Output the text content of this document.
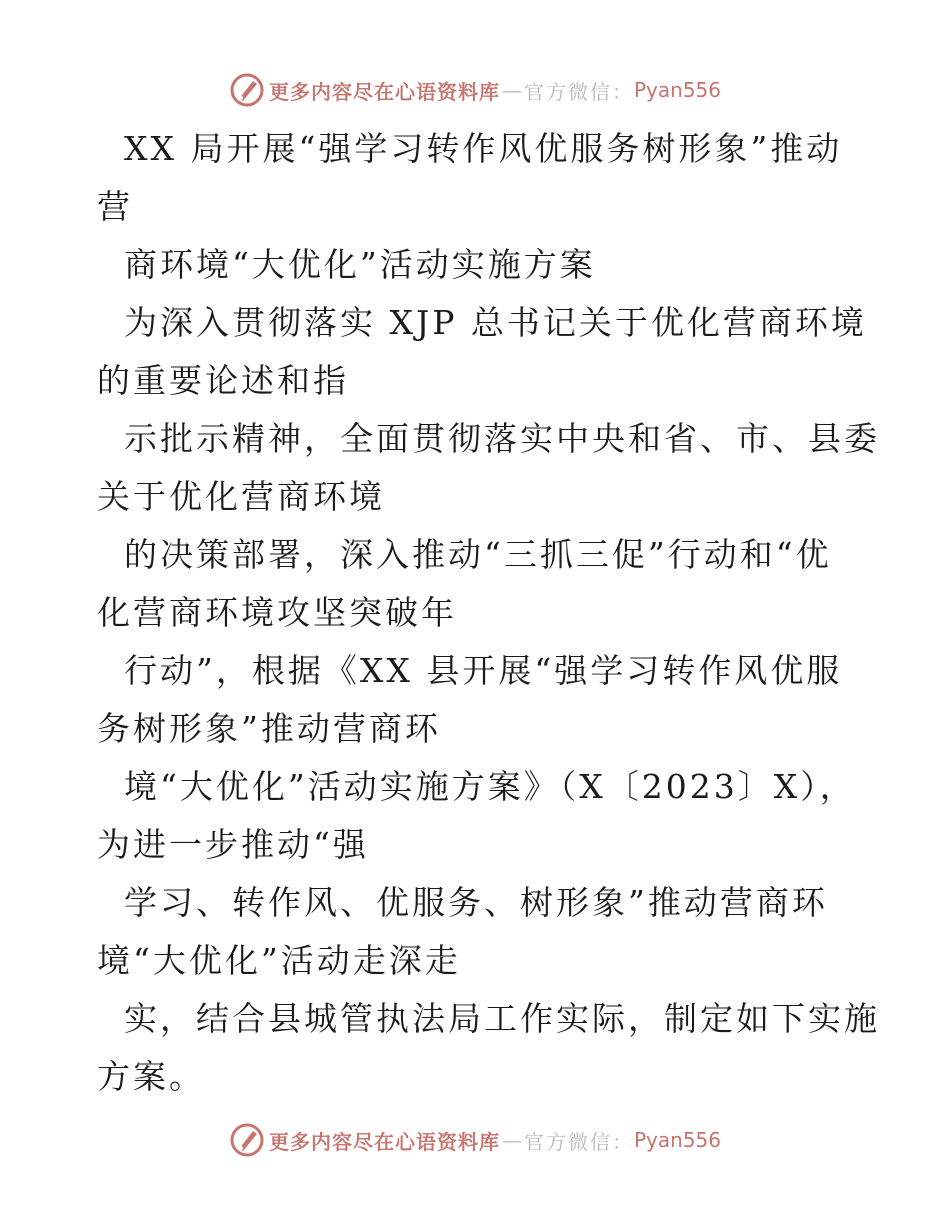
更多内容尽在心语资料库 — 官方微信： Pyan556
XX 局开展“强学习转作风优服务树形象”推动
营
商环境“大优化”活动实施方案
为深入贯彻落实 XJP 总书记关于优化营商环境
的重要论述和指
示批示精神，全面贯彻落实中央和省、市、县委
关于优化营商环境
的决策部署，深入推动“三抓三促”行动和“优
化营商环境攻坚突破年
行动”，根据《XX 县开展“强学习转作风优服
务树形象”推动营商环
境“大优化”活动实施方案》（X〔2023〕X），
为进一步推动“强
学习、转作风、优服务、树形象”推动营商环
境“大优化”活动走深走
实，结合县城管执法局工作实际，制定如下实施
方案。
更多内容尽在心语资料库 — 官方微信： Pyan556
